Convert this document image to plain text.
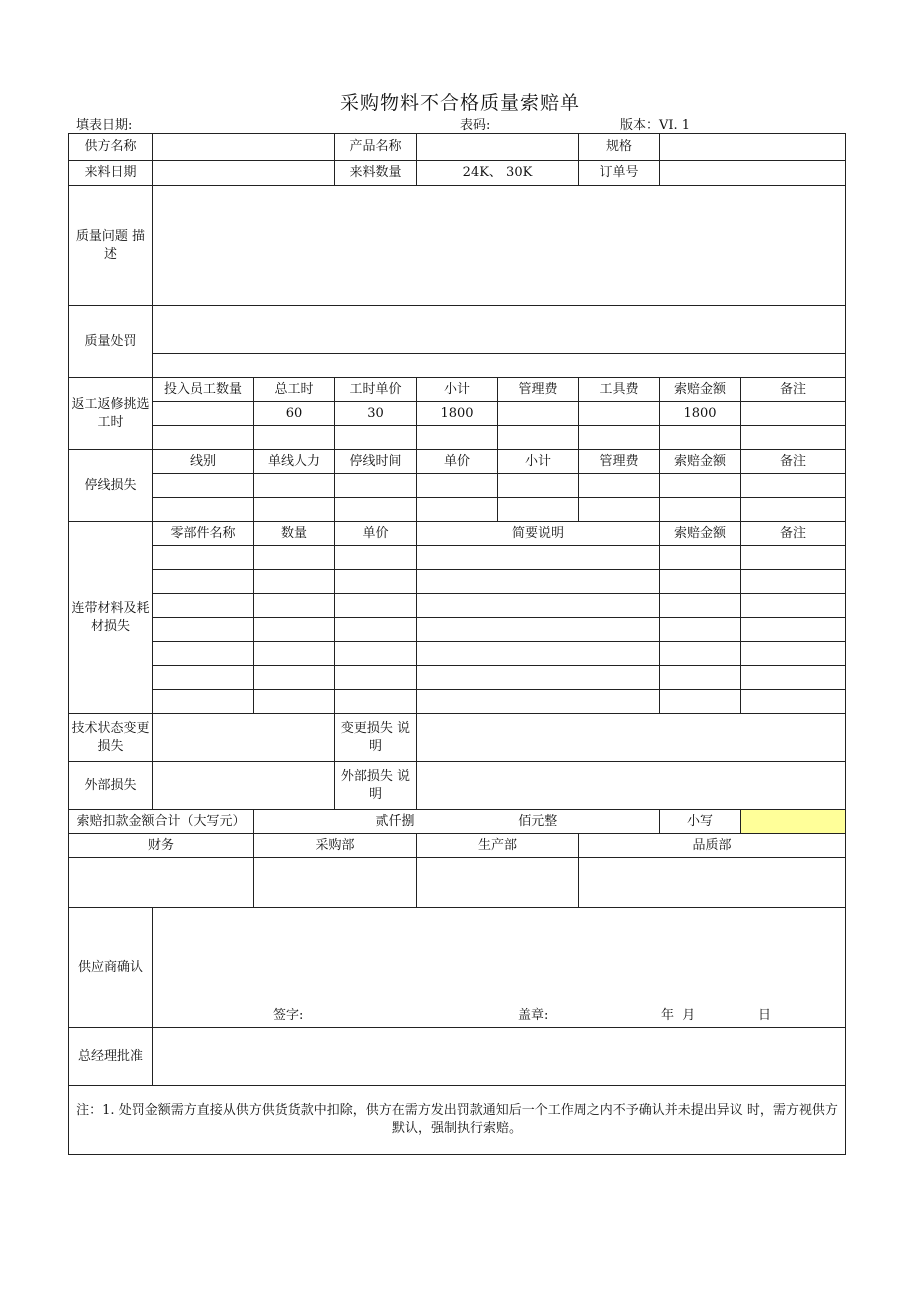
采购物料不合格质量索赔单
填表日期:	表码:	版本：VI. 1
供方名称			产品名称			规格		
来料日期			来料数量	24K、 30K		订单号		
质量问题 描述								
质量处罚								

返工返修挑选工时	投入员工数量	总工时	工时单价	小计	管理费	工具费	索赔金额	备注
		60	30	1800			1800	

停线损失	线别	单线人力	停线时间	单价	小计	管理费	索赔金额	备注

连带材料及耗材损失	零部件名称	数量	单价	简要说明			索赔金额	备注

技术状态变更损失			变更损失 说明					
外部损失			外部损失 说明					
索赔扣款金额合计（大写元）		贰仟捌		佰元整			小写	
财务		采购部		生产部		品质部		

供应商确认	签字: 盖章: 年  月 日							

总经理批准								
注：1. 处罚金额需方直接从供方供货货款中扣除，供方在需方发出罚款通知后一个工作周之内不予确认并未提出异议 时，需方视供方默认，强制执行索赔。								
